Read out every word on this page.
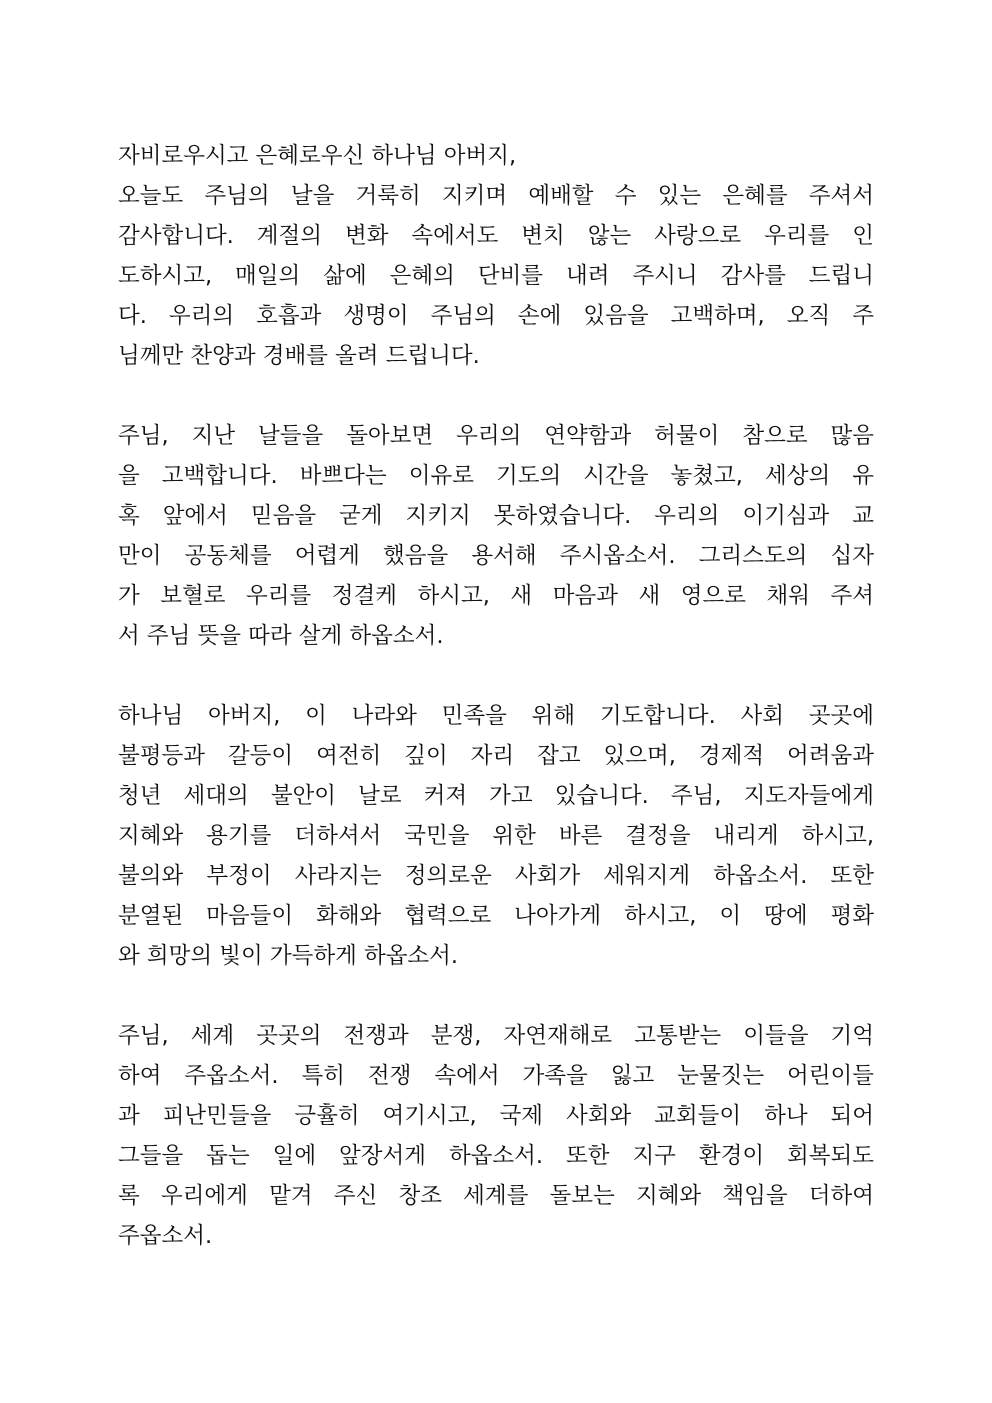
자비로우시고 은혜로우신 하나님 아버지,
오늘도 주님의 날을 거룩히 지키며 예배할 수 있는 은혜를 주셔서
감사합니다. 계절의 변화 속에서도 변치 않는 사랑으로 우리를 인
도하시고, 매일의 삶에 은혜의 단비를 내려 주시니 감사를 드립니
다. 우리의 호흡과 생명이 주님의 손에 있음을 고백하며, 오직 주
님께만 찬양과 경배를 올려 드립니다.
주님, 지난 날들을 돌아보면 우리의 연약함과 허물이 참으로 많음
을 고백합니다. 바쁘다는 이유로 기도의 시간을 놓쳤고, 세상의 유
혹 앞에서 믿음을 굳게 지키지 못하였습니다. 우리의 이기심과 교
만이 공동체를 어렵게 했음을 용서해 주시옵소서. 그리스도의 십자
가 보혈로 우리를 정결케 하시고, 새 마음과 새 영으로 채워 주셔
서 주님 뜻을 따라 살게 하옵소서.
하나님 아버지, 이 나라와 민족을 위해 기도합니다. 사회 곳곳에
불평등과 갈등이 여전히 깊이 자리 잡고 있으며, 경제적 어려움과
청년 세대의 불안이 날로 커져 가고 있습니다. 주님, 지도자들에게
지혜와 용기를 더하셔서 국민을 위한 바른 결정을 내리게 하시고,
불의와 부정이 사라지는 정의로운 사회가 세워지게 하옵소서. 또한
분열된 마음들이 화해와 협력으로 나아가게 하시고, 이 땅에 평화
와 희망의 빛이 가득하게 하옵소서.
주님, 세계 곳곳의 전쟁과 분쟁, 자연재해로 고통받는 이들을 기억
하여 주옵소서. 특히 전쟁 속에서 가족을 잃고 눈물짓는 어린이들
과 피난민들을 긍휼히 여기시고, 국제 사회와 교회들이 하나 되어
그들을 돕는 일에 앞장서게 하옵소서. 또한 지구 환경이 회복되도
록 우리에게 맡겨 주신 창조 세계를 돌보는 지혜와 책임을 더하여
주옵소서.
